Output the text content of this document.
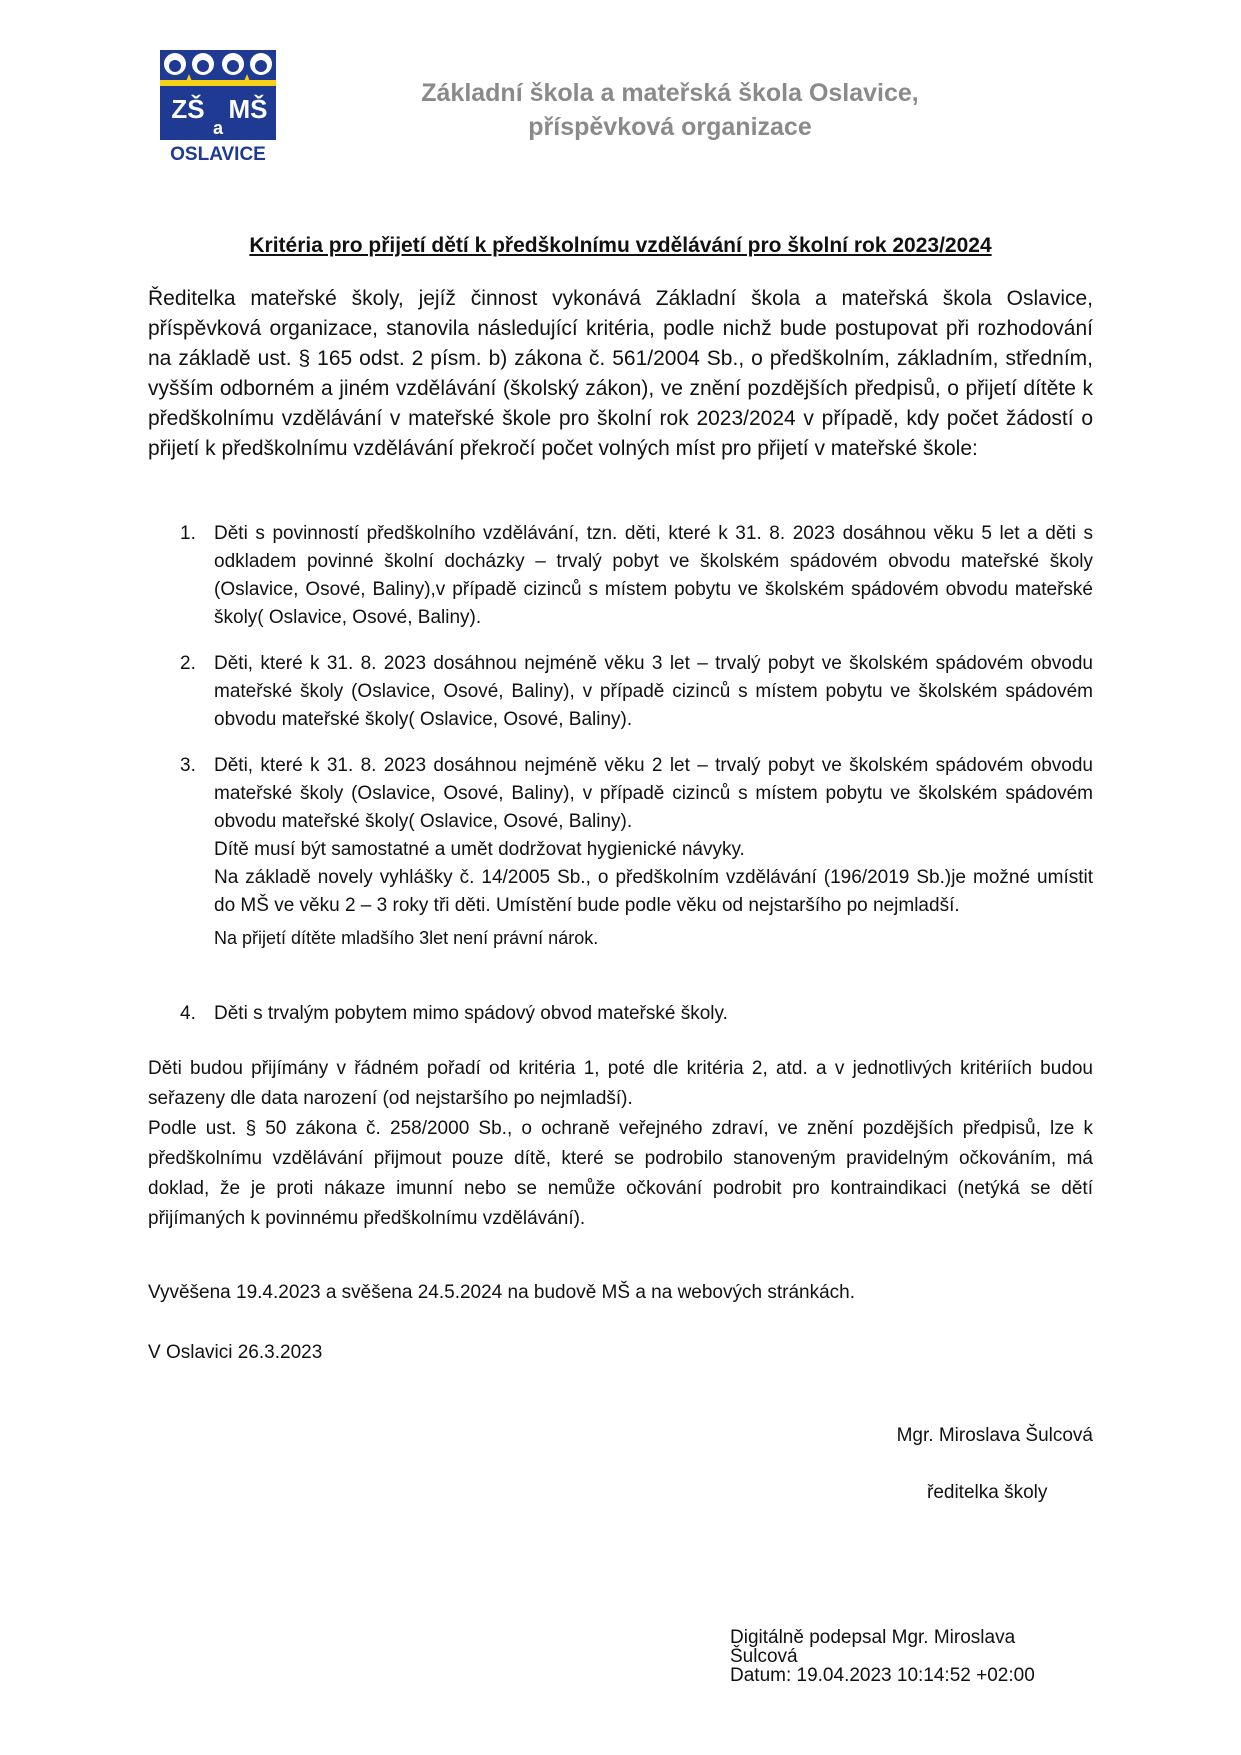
ZŠ MŠ
a
OSLAVICE
Základní škola a mateřská škola Oslavice,
příspěvková organizace
Kritéria pro přijetí dětí k předškolnímu vzdělávání pro školní rok 2023/2024
Ředitelka mateřské školy, jejíž činnost vykonává Základní škola a mateřská škola Oslavice, příspěvková organizace, stanovila následující kritéria, podle nichž bude postupovat při rozhodování na základě ust. § 165 odst. 2 písm. b) zákona č. 561/2004 Sb., o předškolním, základním, středním, vyšším odborném a jiném vzdělávání (školský zákon), ve znění pozdějších předpisů, o přijetí dítěte k předškolnímu vzdělávání v mateřské škole pro školní rok 2023/2024 v případě, kdy počet žádostí o přijetí k předškolnímu vzdělávání překročí počet volných míst pro přijetí v mateřské škole:
1. Děti s povinností předškolního vzdělávání, tzn. děti, které k 31. 8. 2023 dosáhnou věku 5 let a děti s odkladem povinné školní docházky – trvalý pobyt ve školském spádovém obvodu mateřské školy (Oslavice, Osové, Baliny),v případě cizinců s místem pobytu ve školském spádovém obvodu mateřské školy( Oslavice, Osové, Baliny).
2. Děti, které k 31. 8. 2023 dosáhnou nejméně věku 3 let – trvalý pobyt ve školském spádovém obvodu mateřské školy (Oslavice, Osové, Baliny), v případě cizinců s místem pobytu ve školském spádovém obvodu mateřské školy( Oslavice, Osové, Baliny).
3. Děti, které k 31. 8. 2023 dosáhnou nejméně věku 2 let – trvalý pobyt ve školském spádovém obvodu mateřské školy (Oslavice, Osové, Baliny), v případě cizinců s místem pobytu ve školském spádovém obvodu mateřské školy( Oslavice, Osové, Baliny).
Dítě musí být samostatné a umět dodržovat hygienické návyky.
Na základě novely vyhlášky č. 14/2005 Sb., o předškolním vzdělávání (196/2019 Sb.)je možné umístit do MŠ ve věku 2 – 3 roky tři děti. Umístění bude podle věku od nejstaršího po nejmladší.
Na přijetí dítěte mladšího 3let není právní nárok.
4. Děti s trvalým pobytem mimo spádový obvod mateřské školy.

Děti budou přijímány v řádném pořadí od kritéria 1, poté dle kritéria 2, atd. a v jednotlivých kritériích budou seřazeny dle data narození (od nejstaršího po nejmladší).

Podle ust. § 50 zákona č. 258/2000 Sb., o ochraně veřejného zdraví, ve znění pozdějších předpisů, lze k předškolnímu vzdělávání přijmout pouze dítě, které se podrobilo stanoveným pravidelným očkováním, má doklad, že je proti nákaze imunní nebo se nemůže očkování podrobit pro kontraindikaci (netýká se dětí přijímaných k povinnému předškolnímu vzdělávání).

Vyvěšena 19.4.2023 a svěšena 24.5.2024 na budově MŠ a na webových stránkách.
V Oslavici 26.3.2023
Mgr. Miroslava Šulcová
ředitelka školy
Digitálně podepsal Mgr. Miroslava
Šulcová
Datum: 19.04.2023 10:14:52 +02:00
